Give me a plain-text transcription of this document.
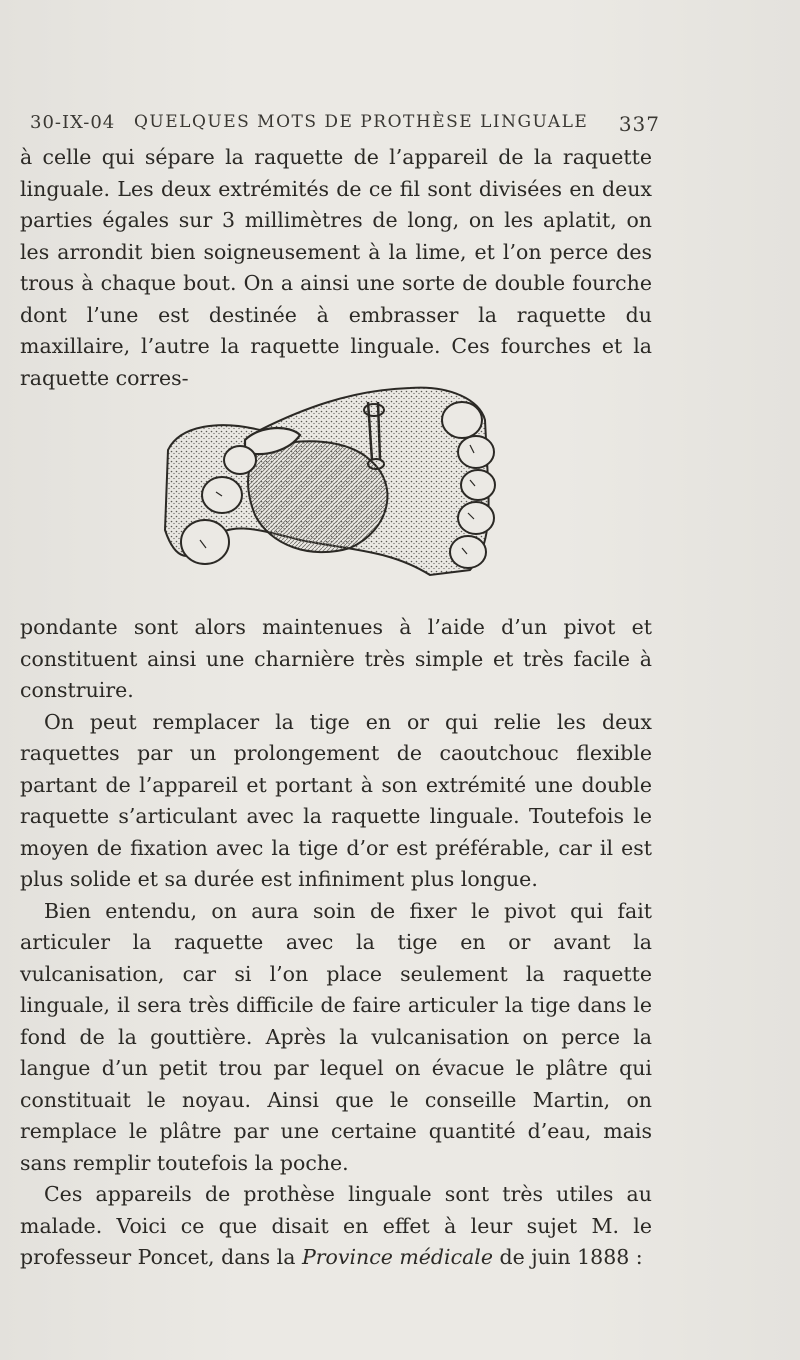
30-IX-04 QUELQUES MOTS DE PROTHÈSE LINGUALE 337

à celle qui sépare la raquette de l’appareil de la raquette linguale. Les deux extrémités de ce fil sont divisées en deux parties égales sur 3 millimètres de long, on les aplatit, on les arrondit bien soigneusement à la lime, et l’on perce des trous à chaque bout. On a ainsi une sorte de double fourche dont l’une est destinée à embrasser la raquette du maxillaire, l’autre la raquette linguale. Ces fourches et la raquette corres-

pondante sont alors maintenues à l’aide d’un pivot et constituent ainsi une charnière très simple et très facile à construire.

On peut remplacer la tige en or qui relie les deux raquettes par un prolongement de caoutchouc flexible partant de l’appareil et portant à son extrémité une double raquette s’articulant avec la raquette linguale. Toutefois le moyen de fixation avec la tige d’or est préférable, car il est plus solide et sa durée est infiniment plus longue.

Bien entendu, on aura soin de fixer le pivot qui fait articuler la raquette avec la tige en or avant la vulcanisation, car si l’on place seulement la raquette linguale, il sera très difficile de faire articuler la tige dans le fond de la gouttière. Après la vulcanisation on perce la langue d’un petit trou par lequel on évacue le plâtre qui constituait le noyau. Ainsi que le conseille Martin, on remplace le plâtre par une certaine quantité d’eau, mais sans remplir toutefois la poche.

Ces appareils de prothèse linguale sont très utiles au malade. Voici ce que disait en effet à leur sujet M. le professeur Poncet, dans la Province médicale de juin 1888 :
